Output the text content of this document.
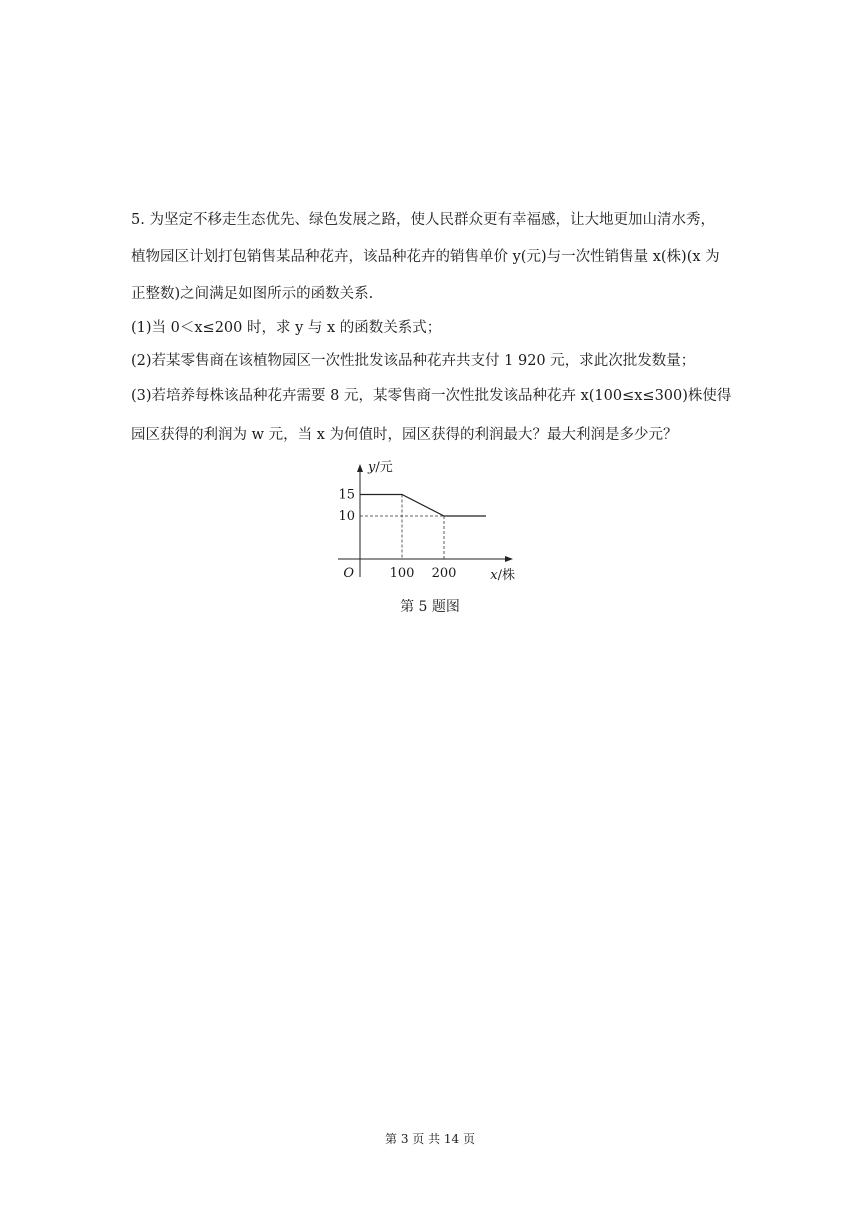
5. 为坚定不移走生态优先、绿色发展之路，使人民群众更有幸福感，让大地更加山清水秀，
植物园区计划打包销售某品种花卉，该品种花卉的销售单价 y(元)与一次性销售量 x(株)(x 为
正整数)之间满足如图所示的函数关系.
(1)当 0＜x≤200 时，求 y 与 x 的函数关系式；
(2)若某零售商在该植物园区一次性批发该品种花卉共支付 1 920 元，求此次批发数量；
(3)若培养每株该品种花卉需要 8 元，某零售商一次性批发该品种花卉 x(100≤x≤300)株使得
园区获得的利润为 w 元，当 x 为何值时，园区获得的利润最大？最大利润是多少元？
15
10
100 200
O	x/株
y/元
第 5 题图
第 3 页 共 14 页
